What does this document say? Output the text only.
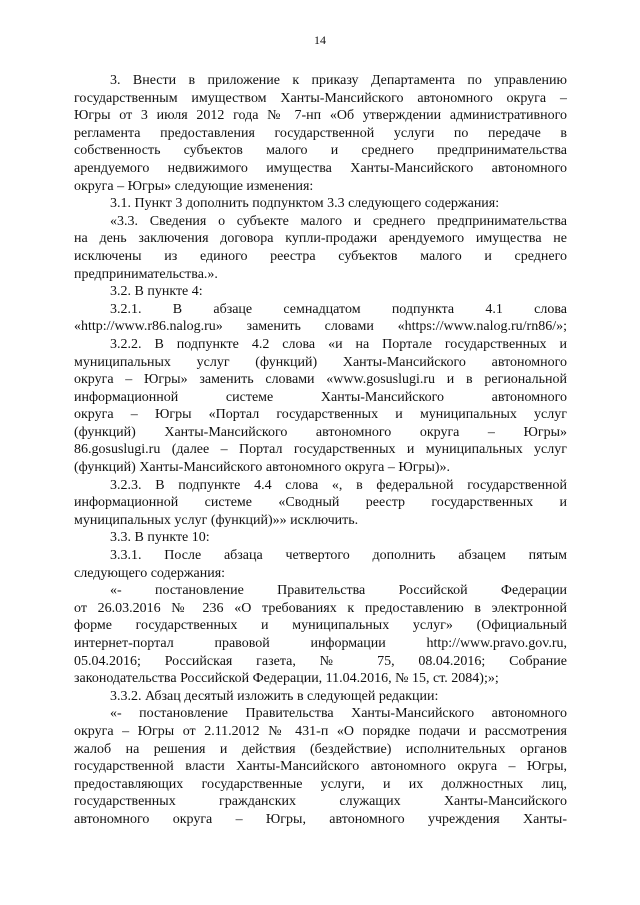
14
3. Внести в приложение к приказу Департамента по управлению
государственным имуществом Ханты-Мансийского автономного округа –
Югры от 3 июля 2012 года № 7-нп «Об утверждении административного
регламента предоставления государственной услуги по передаче в
собственность субъектов малого и среднего предпринимательства
арендуемого недвижимого имущества Ханты-Мансийского автономного
округа – Югры» следующие изменения:
3.1. Пункт 3 дополнить подпунктом 3.3 следующего содержания:
«3.3. Сведения о субъекте малого и среднего предпринимательства
на день заключения договора купли-продажи арендуемого имущества не
исключены из единого реестра субъектов малого и среднего
предпринимательства.».
3.2. В пункте 4:
3.2.1. В абзаце семнадцатом подпункта 4.1 слова
«http://www.r86.nalog.ru» заменить словами «https://www.nalog.ru/rn86/»;
3.2.2. В подпункте 4.2 слова «и на Портале государственных и
муниципальных услуг (функций) Ханты-Мансийского автономного
округа – Югры» заменить словами «www.gosuslugi.ru и в региональной
информационной системе Ханты-Мансийского автономного
округа – Югры «Портал государственных и муниципальных услуг
(функций) Ханты-Мансийского автономного округа – Югры»
86.gosuslugi.ru (далее – Портал государственных и муниципальных услуг
(функций) Ханты-Мансийского автономного округа – Югры)».
3.2.3. В подпункте 4.4 слова «, в федеральной государственной
информационной системе «Сводный реестр государственных и
муниципальных услуг (функций)»» исключить.
3.3. В пункте 10:
3.3.1. После абзаца четвертого дополнить абзацем пятым
следующего содержания:
«- постановление Правительства Российской Федерации
от 26.03.2016 № 236 «О требованиях к предоставлению в электронной
форме государственных и муниципальных услуг» (Официальный
интернет-портал правовой информации http://www.pravo.gov.ru,
05.04.2016; Российская газета, № 75, 08.04.2016; Собрание
законодательства Российской Федерации, 11.04.2016, № 15, ст. 2084);»;
3.3.2. Абзац десятый изложить в следующей редакции:
«- постановление Правительства Ханты-Мансийского автономного
округа – Югры от 2.11.2012 № 431-п «О порядке подачи и рассмотрения
жалоб на решения и действия (бездействие) исполнительных органов
государственной власти Ханты-Мансийского автономного округа – Югры,
предоставляющих государственные услуги, и их должностных лиц,
государственных гражданских служащих Ханты-Мансийского
автономного округа – Югры, автономного учреждения Ханты-
